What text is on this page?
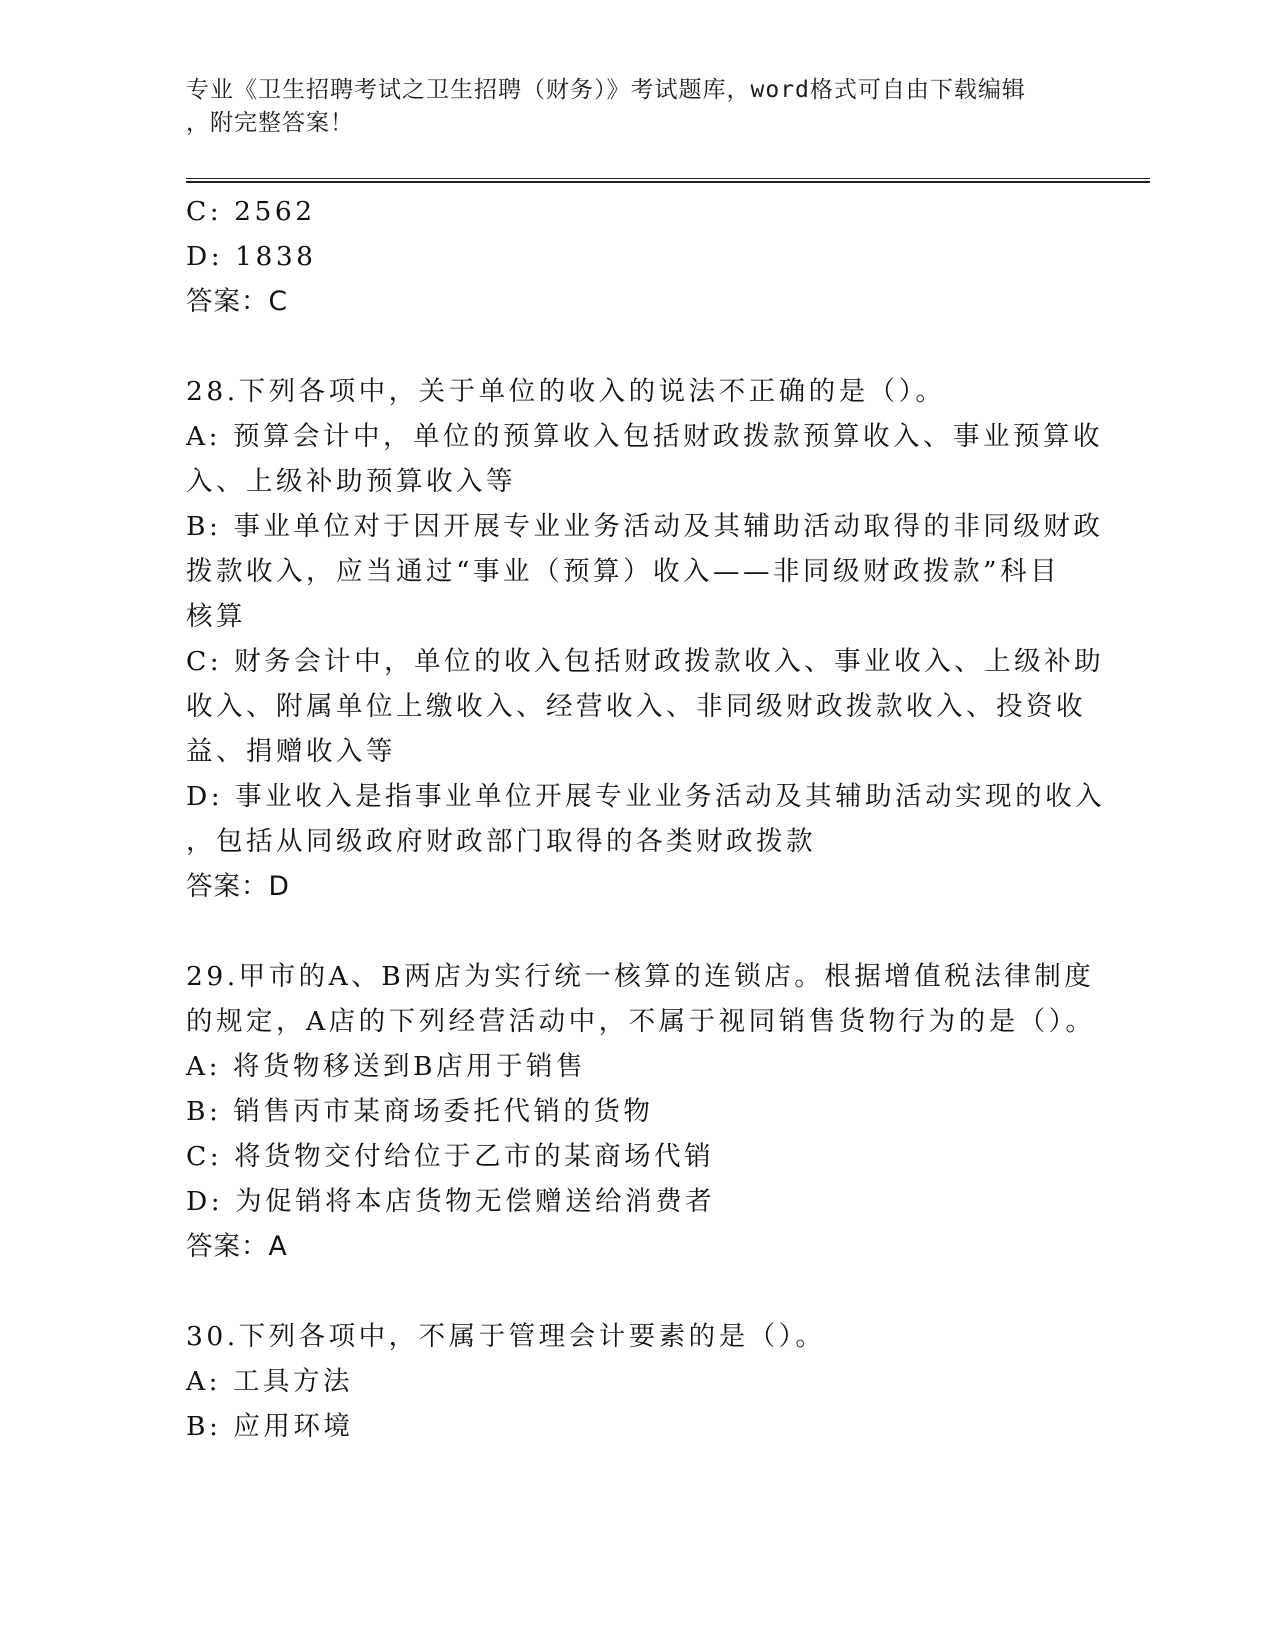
专业《卫生招聘考试之卫生招聘（财务）》考试题库，word格式可自由下载编辑
，附完整答案！
C: 2562
D: 1838
答案：C
28.下列各项中，关于单位的收入的说法不正确的是（）。
A: 预算会计中，单位的预算收入包括财政拨款预算收入、事业预算收
入、上级补助预算收入等
B: 事业单位对于因开展专业业务活动及其辅助活动取得的非同级财政
拨款收入，应当通过“事业（预算）收入——非同级财政拨款”科目
核算
C: 财务会计中，单位的收入包括财政拨款收入、事业收入、上级补助
收入、附属单位上缴收入、经营收入、非同级财政拨款收入、投资收
益、捐赠收入等
D: 事业收入是指事业单位开展专业业务活动及其辅助活动实现的收入
，包括从同级政府财政部门取得的各类财政拨款
答案：D
29.甲市的A、B两店为实行统一核算的连锁店。根据增值税法律制度
的规定，A店的下列经营活动中，不属于视同销售货物行为的是（）。
A: 将货物移送到B店用于销售
B: 销售丙市某商场委托代销的货物
C: 将货物交付给位于乙市的某商场代销
D: 为促销将本店货物无偿赠送给消费者
答案：A
30.下列各项中，不属于管理会计要素的是（）。
A: 工具方法
B: 应用环境
